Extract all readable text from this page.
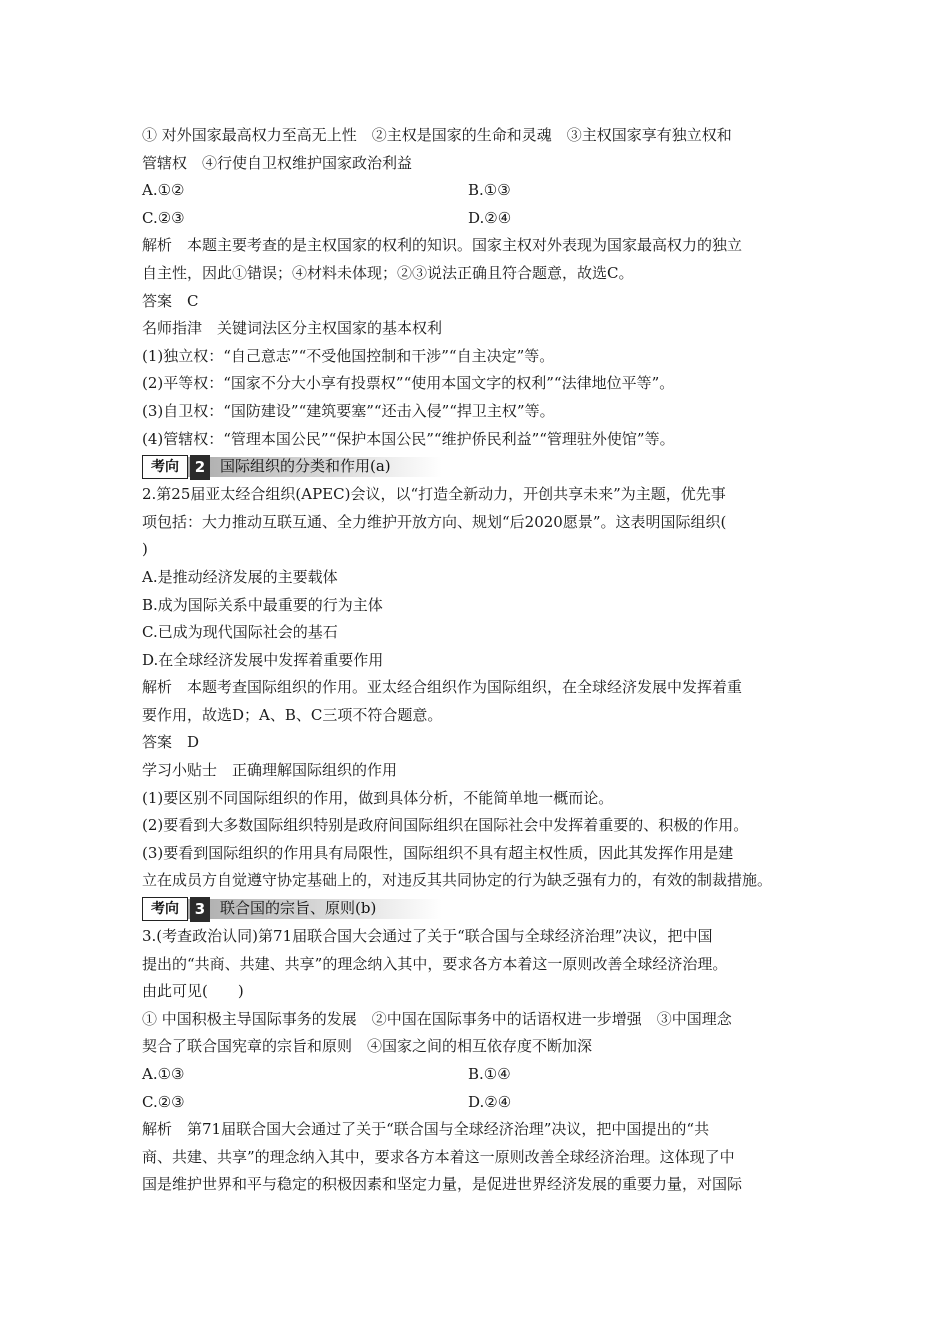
① 对外国家最高权力至高无上性　②主权是国家的生命和灵魂　③主权国家享有独立权和
管辖权　④行使自卫权维护国家政治利益
A.①②	B.①③
C.②③	D.②④
解析　本题主要考查的是主权国家的权利的知识。国家主权对外表现为国家最高权力的独立
自主性，因此①错误；④材料未体现；②③说法正确且符合题意，故选C。
答案　C
名师指津　关键词法区分主权国家的基本权利
(1)独立权：“自己意志”“不受他国控制和干涉”“自主决定”等。
(2)平等权：“国家不分大小享有投票权”“使用本国文字的权利”“法律地位平等”。
(3)自卫权：“国防建设”“建筑要塞”“还击入侵”“捍卫主权”等。
(4)管辖权：“管理本国公民”“保护本国公民”“维护侨民利益”“管理驻外使馆”等。
考向	2 国际组织的分类和作用(a)
2.第25届亚太经合组织(APEC)会议，以“打造全新动力，开创共享未来”为主题，优先事
项包括：大力推动互联互通、全力维护开放方向、规划“后2020愿景”。这表明国际组织(
)
A.是推动经济发展的主要载体
B.成为国际关系中最重要的行为主体
C.已成为现代国际社会的基石
D.在全球经济发展中发挥着重要作用
解析　本题考查国际组织的作用。亚太经合组织作为国际组织，在全球经济发展中发挥着重
要作用，故选D；A、B、C三项不符合题意。
答案　D
学习小贴士　正确理解国际组织的作用
(1)要区别不同国际组织的作用，做到具体分析，不能简单地一概而论。
(2)要看到大多数国际组织特别是政府间国际组织在国际社会中发挥着重要的、积极的作用。
(3)要看到国际组织的作用具有局限性，国际组织不具有超主权性质，因此其发挥作用是建
立在成员方自觉遵守协定基础上的，对违反其共同协定的行为缺乏强有力的，有效的制裁措施。
考向	3 联合国的宗旨、原则(b)
3.(考查政治认同)第71届联合国大会通过了关于“联合国与全球经济治理”决议，把中国
提出的“共商、共建、共享”的理念纳入其中，要求各方本着这一原则改善全球经济治理。
由此可见(　　)
① 中国积极主导国际事务的发展　②中国在国际事务中的话语权进一步增强　③中国理念
契合了联合国宪章的宗旨和原则　④国家之间的相互依存度不断加深
A.①③	B.①④
C.②③	D.②④
解析　第71届联合国大会通过了关于“联合国与全球经济治理”决议，把中国提出的“共
商、共建、共享”的理念纳入其中，要求各方本着这一原则改善全球经济治理。这体现了中
国是维护世界和平与稳定的积极因素和坚定力量，是促进世界经济发展的重要力量，对国际
